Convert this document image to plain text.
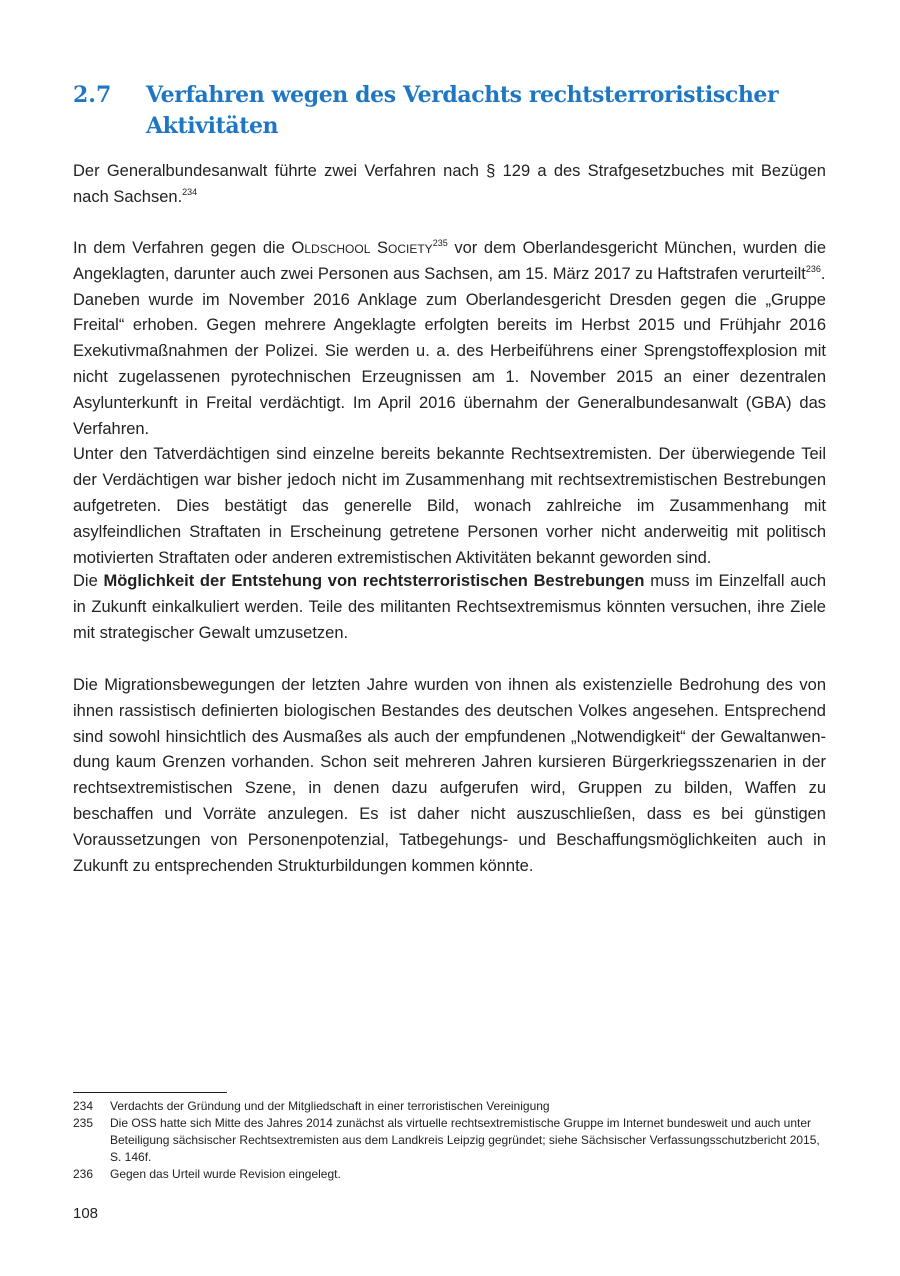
2.7 Verfahren wegen des Verdachts rechtsterroristischer Aktivitäten
Der Generalbundesanwalt führte zwei Verfahren nach § 129 a des Strafgesetzbuches mit Bezügen nach Sachsen.$^{234}$
In dem Verfahren gegen die Oldschool Society$^{235}$ vor dem Oberlandesgericht München, wurden die Angeklagten, darunter auch zwei Personen aus Sachsen, am 15. März 2017 zu Haftstrafen verurteilt$^{236}$.
Daneben wurde im November 2016 Anklage zum Oberlandesgericht Dresden gegen die „Gruppe Freital“ erhoben. Gegen mehrere Angeklagte erfolgten bereits im Herbst 2015 und Frühjahr 2016 Exekutivmaßnahmen der Polizei. Sie werden u. a. des Herbeiführens einer Sprengstoffexplosion mit nicht zugelassenen pyrotechnischen Erzeugnissen am 1. November 2015 an einer dezentralen Asylunterkunft in Freital verdächtigt. Im April 2016 übernahm der Generalbundesanwalt (GBA) das Verfahren.
Unter den Tatverdächtigen sind einzelne bereits bekannte Rechtsextremisten. Der überwiegende Teil der Verdächtigen war bisher jedoch nicht im Zusammenhang mit rechtsextremistischen Bestrebungen aufgetreten. Dies bestätigt das generelle Bild, wonach zahlreiche im Zusammenhang mit asylfeindlichen Straftaten in Erscheinung getretene Personen vorher nicht anderweitig mit politisch motivierten Straftaten oder anderen extremistischen Aktivitäten bekannt geworden sind.
Die Möglichkeit der Entstehung von rechtsterroristischen Bestrebungen muss im Einzelfall auch in Zukunft einkalkuliert werden. Teile des militanten Rechtsextremismus könnten versuchen, ihre Ziele mit strategischer Gewalt umzusetzen.
Die Migrationsbewegungen der letzten Jahre wurden von ihnen als existenzielle Bedrohung des von ihnen rassistisch definierten biologischen Bestandes des deutschen Volkes angesehen. Entsprechend sind sowohl hinsichtlich des Ausmaßes als auch der empfundenen „Notwendigkeit“ der Gewaltanwendung kaum Grenzen vorhanden. Schon seit mehreren Jahren kursieren Bürgerkriegsszenarien in der rechtsextremistischen Szene, in denen dazu aufgerufen wird, Gruppen zu bilden, Waffen zu beschaffen und Vorräte anzulegen. Es ist daher nicht auszuschließen, dass es bei günstigen Voraussetzungen von Personenpotenzial, Tatbegehungs- und Beschaffungsmöglichkeiten auch in Zukunft zu entsprechenden Strukturbildungen kommen könnte.
234	Verdachts der Gründung und der Mitgliedschaft in einer terroristischen Vereinigung
235	Die OSS hatte sich Mitte des Jahres 2014 zunächst als virtuelle rechtsextremistische Gruppe im Internet bundesweit und auch unter Beteiligung sächsischer Rechtsextremisten aus dem Landkreis Leipzig gegründet; siehe Sächsischer Verfassungsschutzbericht 2015, S. 146f.
236	Gegen das Urteil wurde Revision eingelegt.
108
